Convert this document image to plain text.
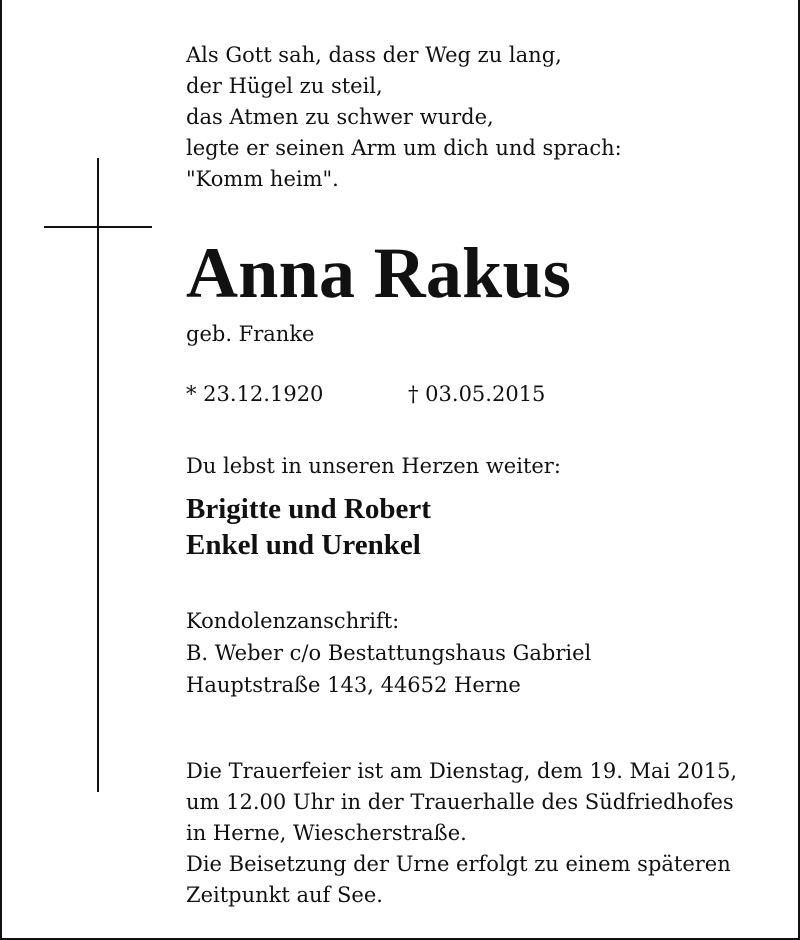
Als Gott sah, dass der Weg zu lang,
der Hügel zu steil,
das Atmen zu schwer wurde,
legte er seinen Arm um dich und sprach:
"Komm heim".

Anna Rakus
geb. Franke
* 23.12.1920	† 03.05.2015
Du lebst in unseren Herzen weiter:
Brigitte und Robert
Enkel und Urenkel
Kondolenzanschrift:
B. Weber c/o Bestattungshaus Gabriel
Hauptstraße 143, 44652 Herne
Die Trauerfeier ist am Dienstag, dem 19. Mai 2015,
um 12.00 Uhr in der Trauerhalle des Südfriedhofes
in Herne, Wiescherstraße.
Die Beisetzung der Urne erfolgt zu einem späteren
Zeitpunkt auf See.
